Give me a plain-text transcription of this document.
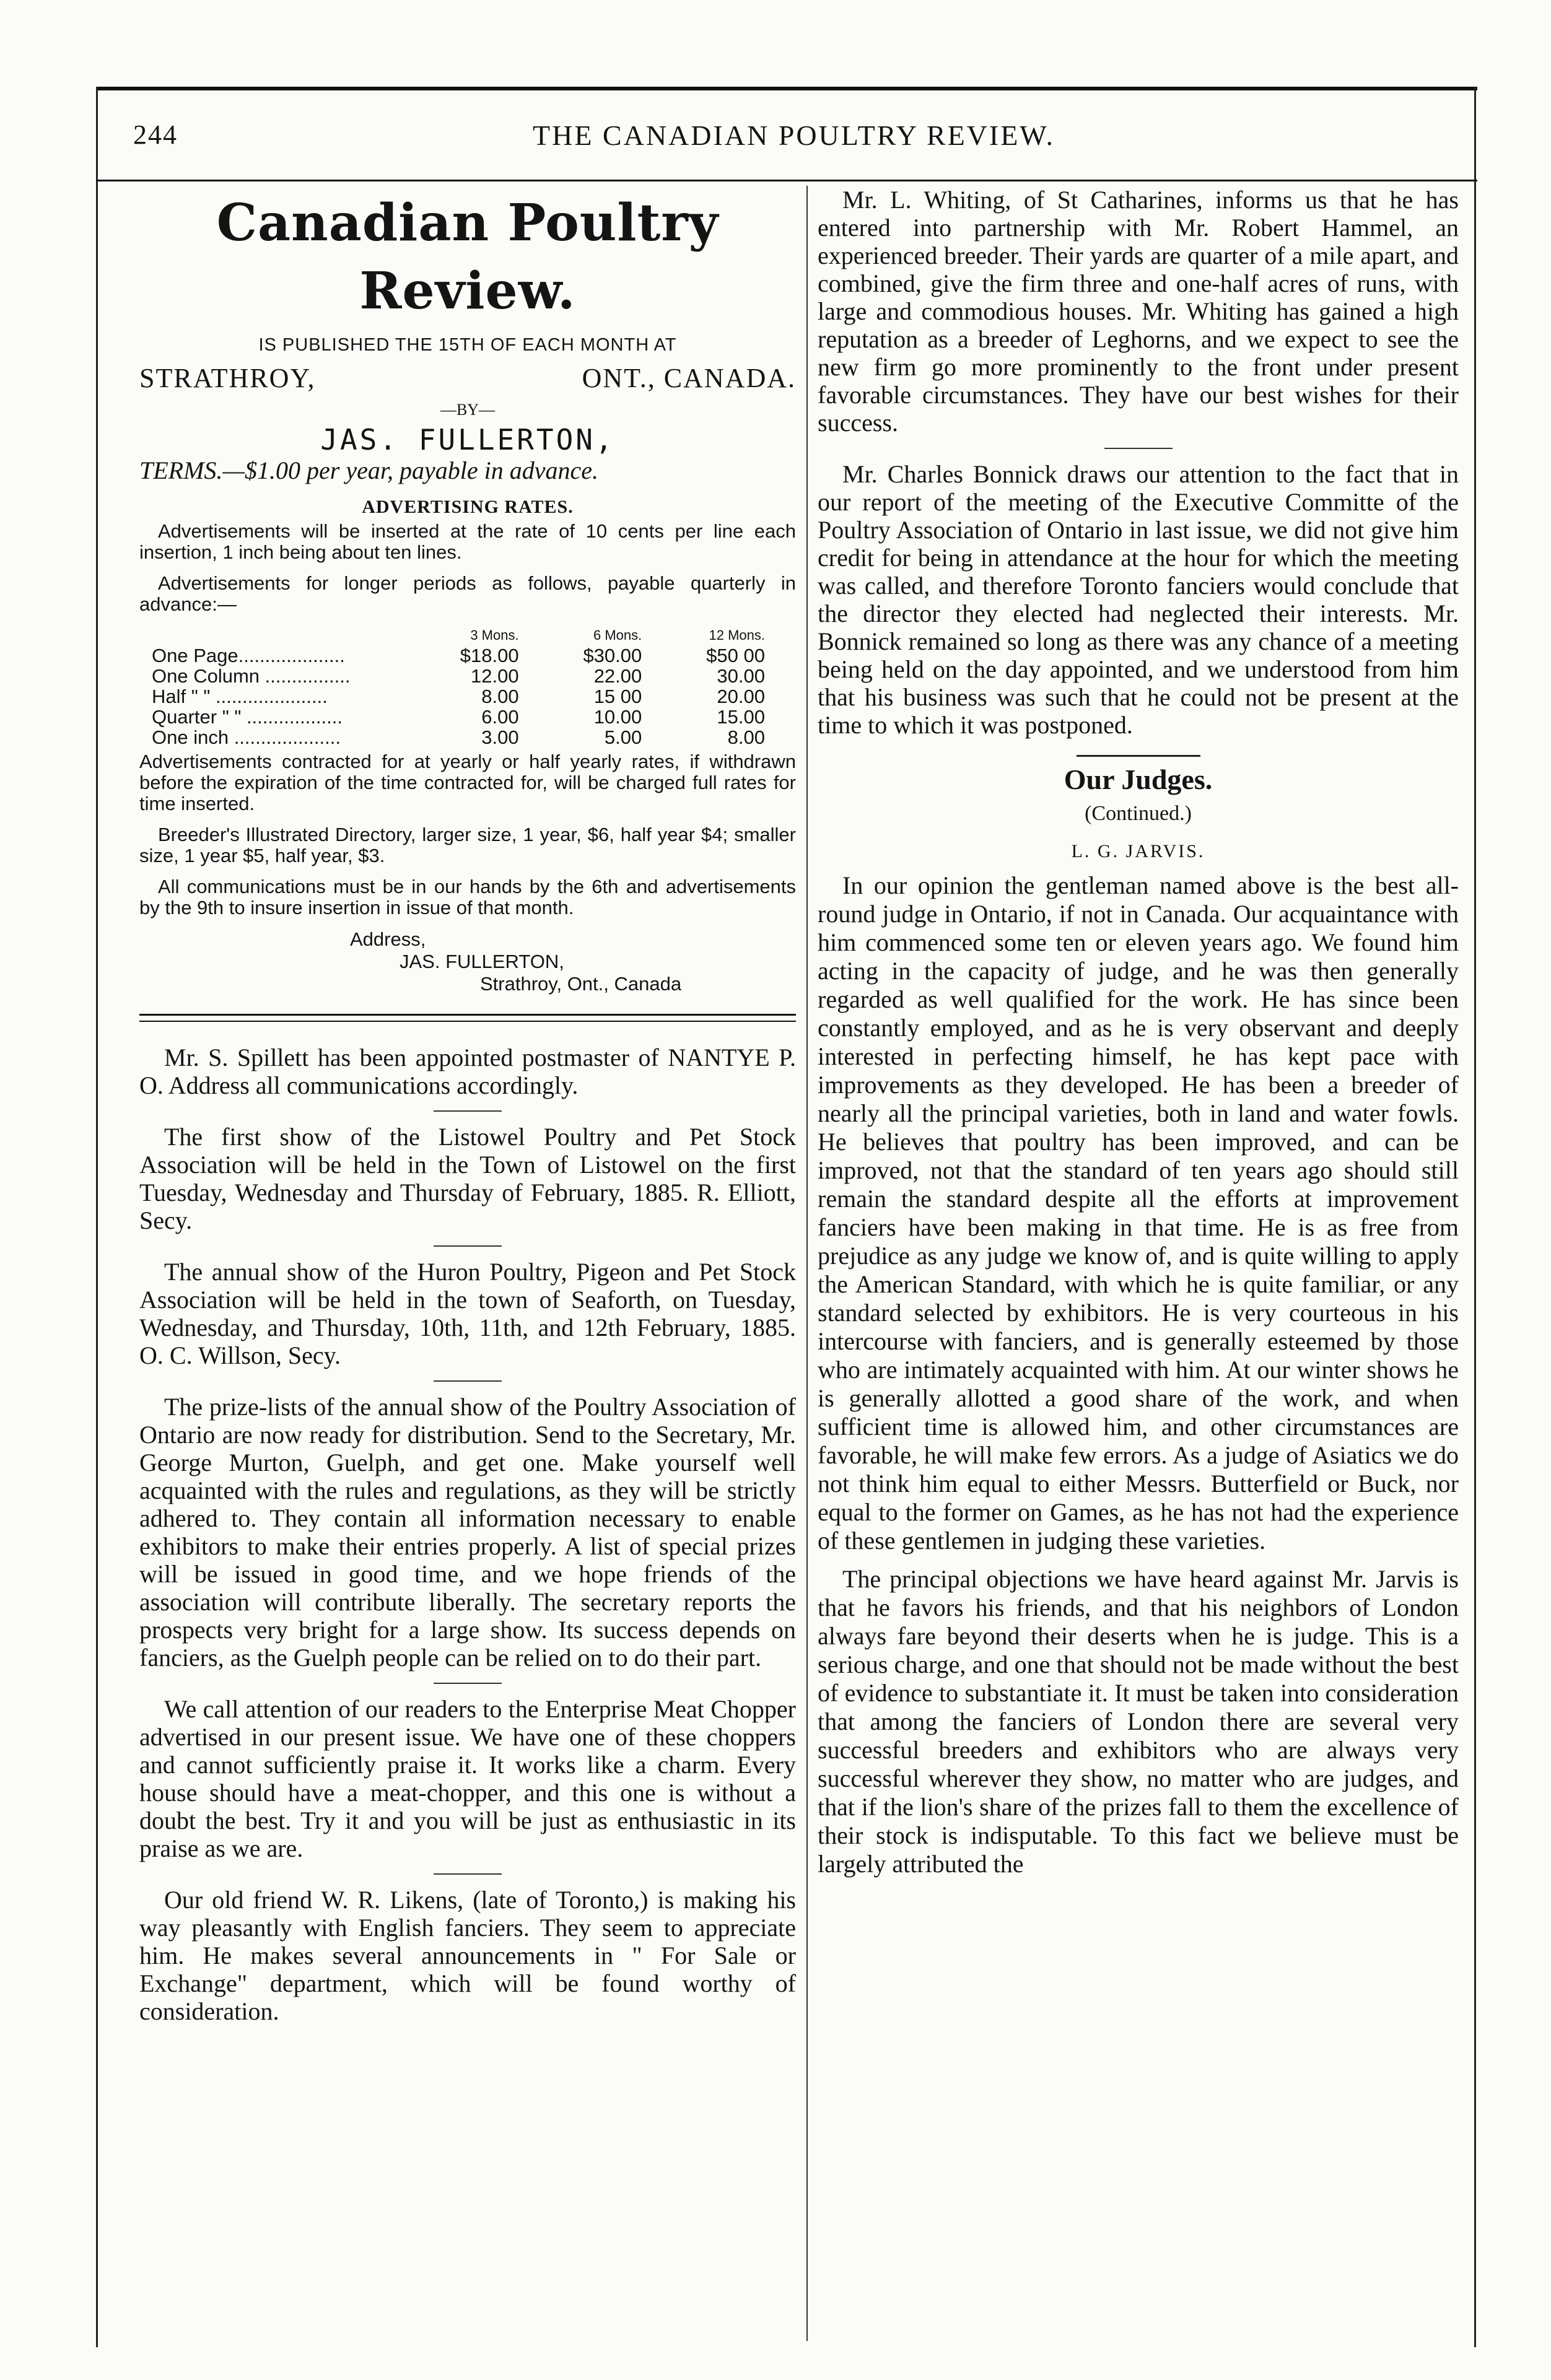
244	THE CANADIAN POULTRY REVIEW.
Canadian Poultry Review.
IS PUBLISHED THE 15TH OF EACH MONTH AT
STRATHROY,	ONT., CANADA.
—BY—
JAS. FULLERTON,
TERMS.—$1.00 per year, payable in advance.
ADVERTISING RATES.

Advertisements will be inserted at the rate of 10 cents per line each insertion, 1 inch being about ten lines.

Advertisements for longer periods as follows, payable quarterly in advance:—

	3 Mons.	6 Mons.	12 Mons.
One Page....................	$18.00	$30.00	$50 00
One Column ................	12.00	22.00	30.00
Half " " .....................	8.00	15 00	20.00
Quarter " " ..................	6.00	10.00	15.00
One inch ....................	3.00	5.00	8.00

Advertisements contracted for at yearly or half yearly rates, if withdrawn before the expiration of the time contracted for, will be charged full rates for time inserted.

Breeder's Illustrated Directory, larger size, 1 year, $6, half year $4; smaller size, 1 year $5, half year, $3.

All communications must be in our hands by the 6th and advertisements by the 9th to insure insertion in issue of that month.

Address,
JAS. FULLERTON,
Strathroy, Ont., Canada

Mr. S. Spillett has been appointed postmaster of NANTYE P. O. Address all communications accordingly.

The first show of the Listowel Poultry and Pet Stock Association will be held in the Town of Listowel on the first Tuesday, Wednesday and Thursday of February, 1885. R. Elliott, Secy.

The annual show of the Huron Poultry, Pigeon and Pet Stock Association will be held in the town of Seaforth, on Tuesday, Wednesday, and Thursday, 10th, 11th, and 12th February, 1885. O. C. Willson, Secy.

The prize-lists of the annual show of the Poultry Association of Ontario are now ready for distribution. Send to the Secretary, Mr. George Murton, Guelph, and get one. Make yourself well acquainted with the rules and regulations, as they will be strictly adhered to. They contain all information necessary to enable exhibitors to make their entries properly. A list of special prizes will be issued in good time, and we hope friends of the association will contribute liberally. The secretary reports the prospects very bright for a large show. Its success depends on fanciers, as the Guelph people can be relied on to do their part.

We call attention of our readers to the Enterprise Meat Chopper advertised in our present issue. We have one of these choppers and cannot sufficiently praise it. It works like a charm. Every house should have a meat-chopper, and this one is without a doubt the best. Try it and you will be just as enthusiastic in its praise as we are.

Our old friend W. R. Likens, (late of Toronto,) is making his way pleasantly with English fanciers. They seem to appreciate him. He makes several announcements in " For Sale or Exchange" department, which will be found worthy of consideration.

Mr. L. Whiting, of St Catharines, informs us that he has entered into partnership with Mr. Robert Hammel, an experienced breeder. Their yards are quarter of a mile apart, and combined, give the firm three and one-half acres of runs, with large and commodious houses. Mr. Whiting has gained a high reputation as a breeder of Leghorns, and we expect to see the new firm go more prominently to the front under present favorable circumstances. They have our best wishes for their success.

Mr. Charles Bonnick draws our attention to the fact that in our report of the meeting of the Executive Committe of the Poultry Association of Ontario in last issue, we did not give him credit for being in attendance at the hour for which the meeting was called, and therefore Toronto fanciers would conclude that the director they elected had neglected their interests. Mr. Bonnick remained so long as there was any chance of a meeting being held on the day appointed, and we understood from him that his business was such that he could not be present at the time to which it was postponed.

Our Judges.
(Continued.)
L. G. JARVIS.

In our opinion the gentleman named above is the best all-round judge in Ontario, if not in Canada. Our acquaintance with him commenced some ten or eleven years ago. We found him acting in the capacity of judge, and he was then generally regarded as well qualified for the work. He has since been constantly employed, and as he is very observant and deeply interested in perfecting himself, he has kept pace with improvements as they developed. He has been a breeder of nearly all the principal varieties, both in land and water fowls. He believes that poultry has been improved, and can be improved, not that the standard of ten years ago should still remain the standard despite all the efforts at improvement fanciers have been making in that time. He is as free from prejudice as any judge we know of, and is quite willing to apply the American Standard, with which he is quite familiar, or any standard selected by exhibitors. He is very courteous in his intercourse with fanciers, and is generally esteemed by those who are intimately acquainted with him. At our winter shows he is generally allotted a good share of the work, and when sufficient time is allowed him, and other circumstances are favorable, he will make few errors. As a judge of Asiatics we do not think him equal to either Messrs. Butterfield or Buck, nor equal to the former on Games, as he has not had the experience of these gentlemen in judging these varieties.

The principal objections we have heard against Mr. Jarvis is that he favors his friends, and that his neighbors of London always fare beyond their deserts when he is judge. This is a serious charge, and one that should not be made without the best of evidence to substantiate it. It must be taken into consideration that among the fanciers of London there are several very successful breeders and exhibitors who are always very successful wherever they show, no matter who are judges, and that if the lion's share of the prizes fall to them the excellence of their stock is indisputable. To this fact we believe must be largely attributed the
